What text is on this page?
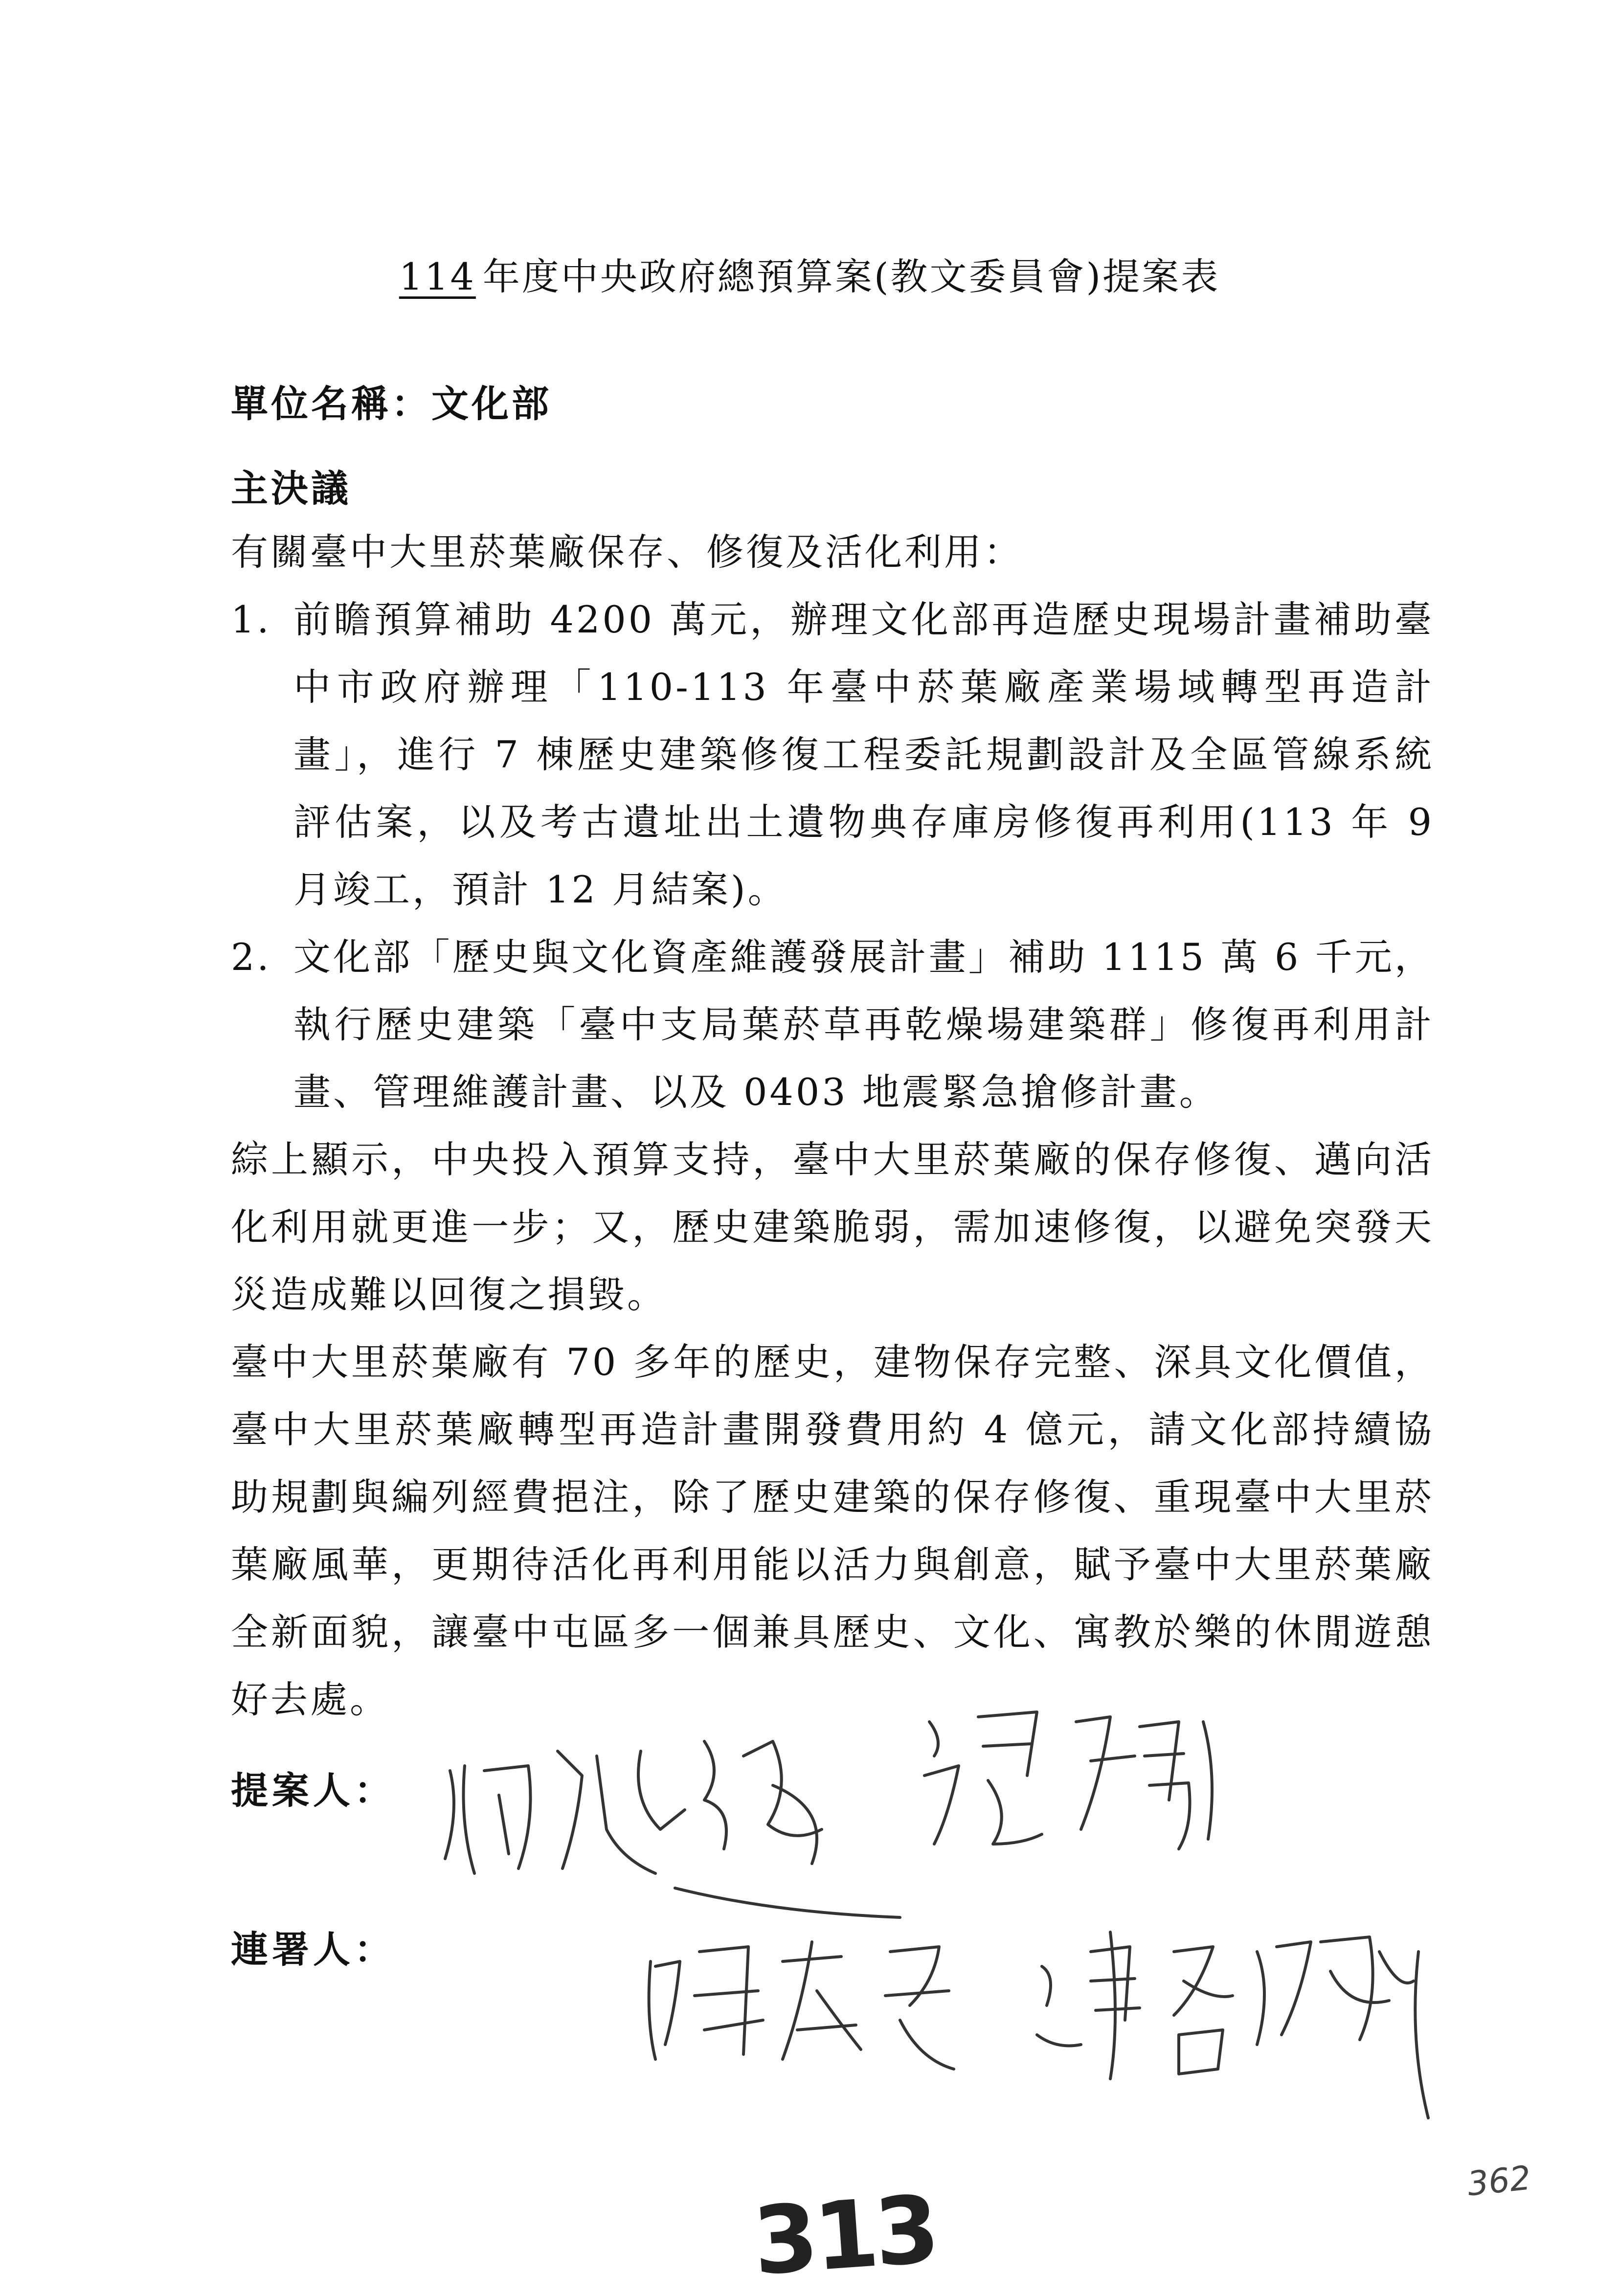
114 年度中央政府總預算案(教文委員會)提案表
單位名稱：文化部
主決議

有關臺中大里菸葉廠保存、修復及活化利用：

1. 前瞻預算補助 4200 萬元，辦理文化部再造歷史現場計畫補助臺中市政府辦理「110-113 年臺中菸葉廠產業場域轉型再造計畫」，進行 7 棟歷史建築修復工程委託規劃設計及全區管線系統評估案，以及考古遺址出土遺物典存庫房修復再利用(113 年 9 月竣工，預計 12 月結案)。
2. 文化部「歷史與文化資產維護發展計畫」補助 1115 萬 6 千元，執行歷史建築「臺中支局葉菸草再乾燥場建築群」修復再利用計畫、管理維護計畫、以及 0403 地震緊急搶修計畫。

綜上顯示，中央投入預算支持，臺中大里菸葉廠的保存修復、邁向活化利用就更進一步；又，歷史建築脆弱，需加速修復，以避免突發天災造成難以回復之損毀。

臺中大里菸葉廠有 70 多年的歷史，建物保存完整、深具文化價值，臺中大里菸葉廠轉型再造計畫開發費用約 4 億元，請文化部持續協助規劃與編列經費挹注，除了歷史建築的保存修復、重現臺中大里菸葉廠風華，更期待活化再利用能以活力與創意，賦予臺中大里菸葉廠全新面貌，讓臺中屯區多一個兼具歷史、文化、寓教於樂的休閒遊憩好去處。

提案人：
連署人：
362
313
